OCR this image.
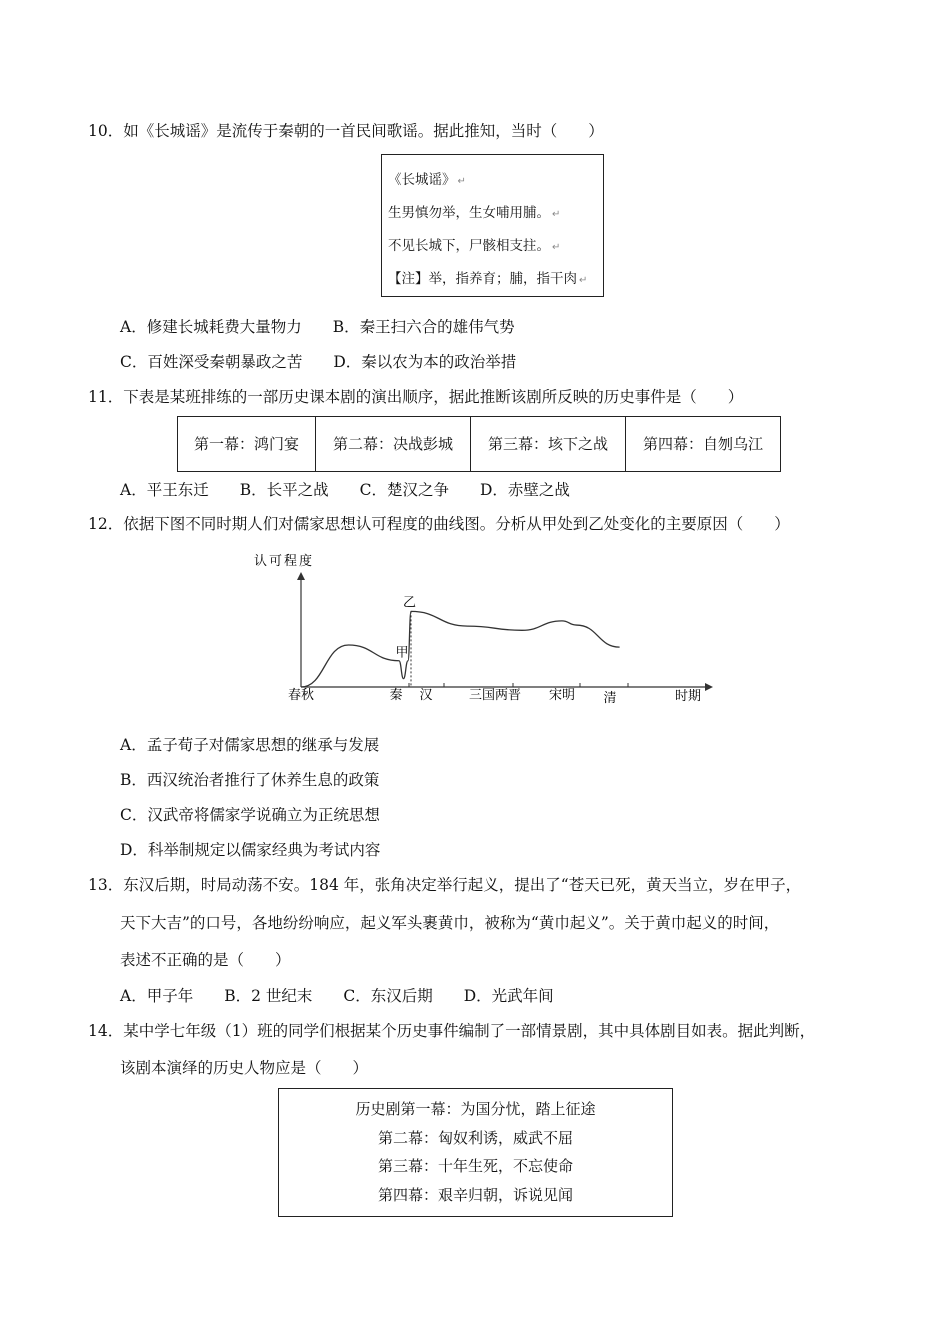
10．如《长城谣》是流传于秦朝的一首民间歌谣。据此推知，当时（　　）
《长城谣》 ↵
生男慎勿举，生女哺用脯。 ↵
不见长城下，尸骸相支拄。 ↵
【注】举，指养育；脯，指干肉 ↵
A．修建长城耗费大量物力　　B．秦王扫六合的雄伟气势
C．百姓深受秦朝暴政之苦　　D．秦以农为本的政治举措
11．下表是某班排练的一部历史课本剧的演出顺序，据此推断该剧所反映的历史事件是（　　）
第一幕：鸿门宴	第二幕：决战彭城	第三幕：垓下之战	第四幕：自刎乌江
A．平王东迁　　B．长平之战　　C．楚汉之争　　D．赤壁之战
12．依据下图不同时期人们对儒家思想认可程度的曲线图。分析从甲处到乙处变化的主要原因（　　）
认可程度
时期
春秋	秦 汉	三国两晋 宋明 清
甲
乙
A．孟子荀子对儒家思想的继承与发展
B．西汉统治者推行了休养生息的政策
C．汉武帝将儒家学说确立为正统思想
D．科举制规定以儒家经典为考试内容
13．东汉后期，时局动荡不安。184 年，张角决定举行起义，提出了“苍天已死，黄天当立，岁在甲子，
天下大吉”的口号，各地纷纷响应，起义军头裹黄巾，被称为“黄巾起义”。关于黄巾起义的时间，
表述不正确的是（　　）
A．甲子年　　B．2 世纪末　　C．东汉后期　　D．光武年间
14．某中学七年级（1）班的同学们根据某个历史事件编制了一部情景剧，其中具体剧目如表。据此判断，
该剧本演绎的历史人物应是（　　）
历史剧第一幕：为国分忧，踏上征途
第二幕：匈奴利诱，威武不屈
第三幕：十年生死，不忘使命
第四幕：艰辛归朝，诉说见闻
